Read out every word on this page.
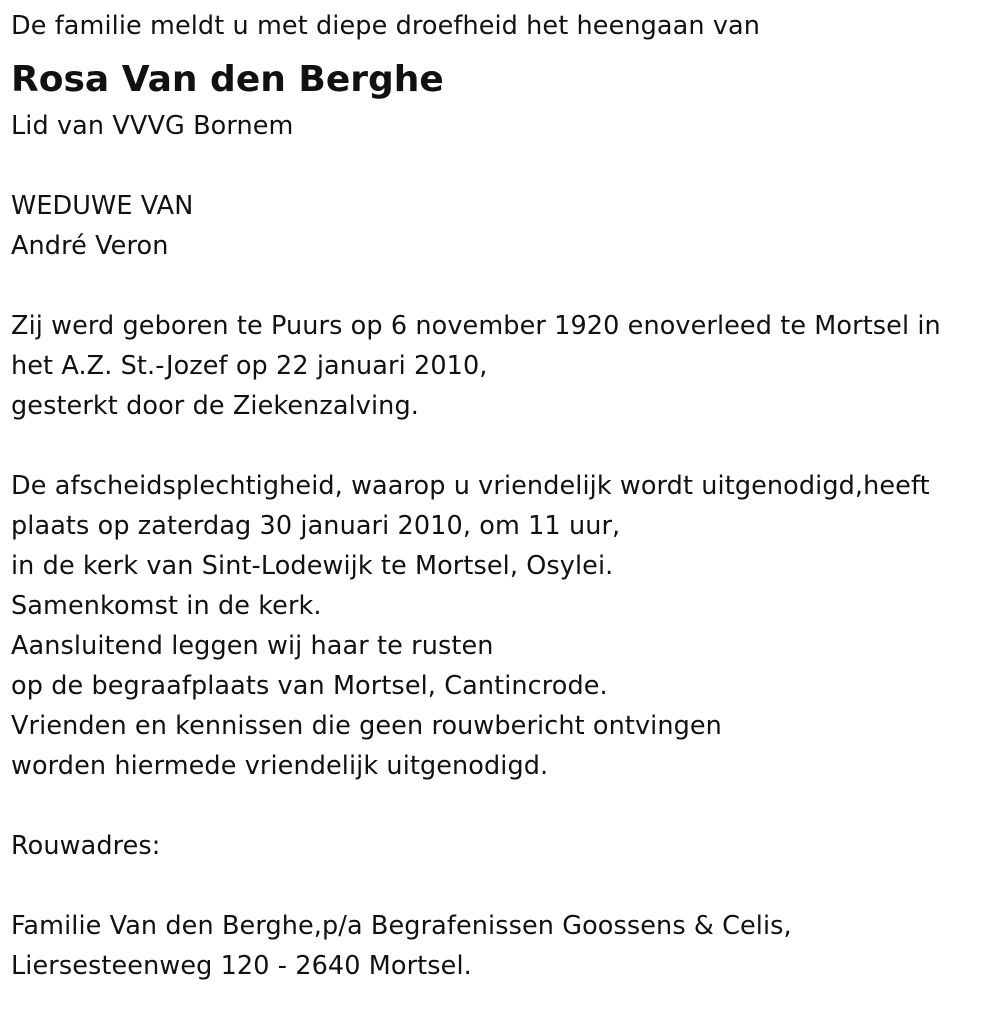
De familie meldt u met diepe droefheid het heengaan van
Rosa Van den Berghe
Lid van VVVG Bornem
WEDUWE VAN
André Veron
Zij werd geboren te Puurs op 6 november 1920 enoverleed te Mortsel in
het A.Z. St.-Jozef op 22 januari 2010,
gesterkt door de Ziekenzalving.
De afscheidsplechtigheid, waarop u vriendelijk wordt uitgenodigd,heeft
plaats op zaterdag 30 januari 2010, om 11 uur,
in de kerk van Sint-Lodewijk te Mortsel, Osylei.
Samenkomst in de kerk.
Aansluitend leggen wij haar te rusten
op de begraafplaats van Mortsel, Cantincrode.
Vrienden en kennissen die geen rouwbericht ontvingen
worden hiermede vriendelijk uitgenodigd.
Rouwadres:
Familie Van den Berghe,p/a Begrafenissen Goossens & Celis,
Liersesteenweg 120 - 2640 Mortsel.
